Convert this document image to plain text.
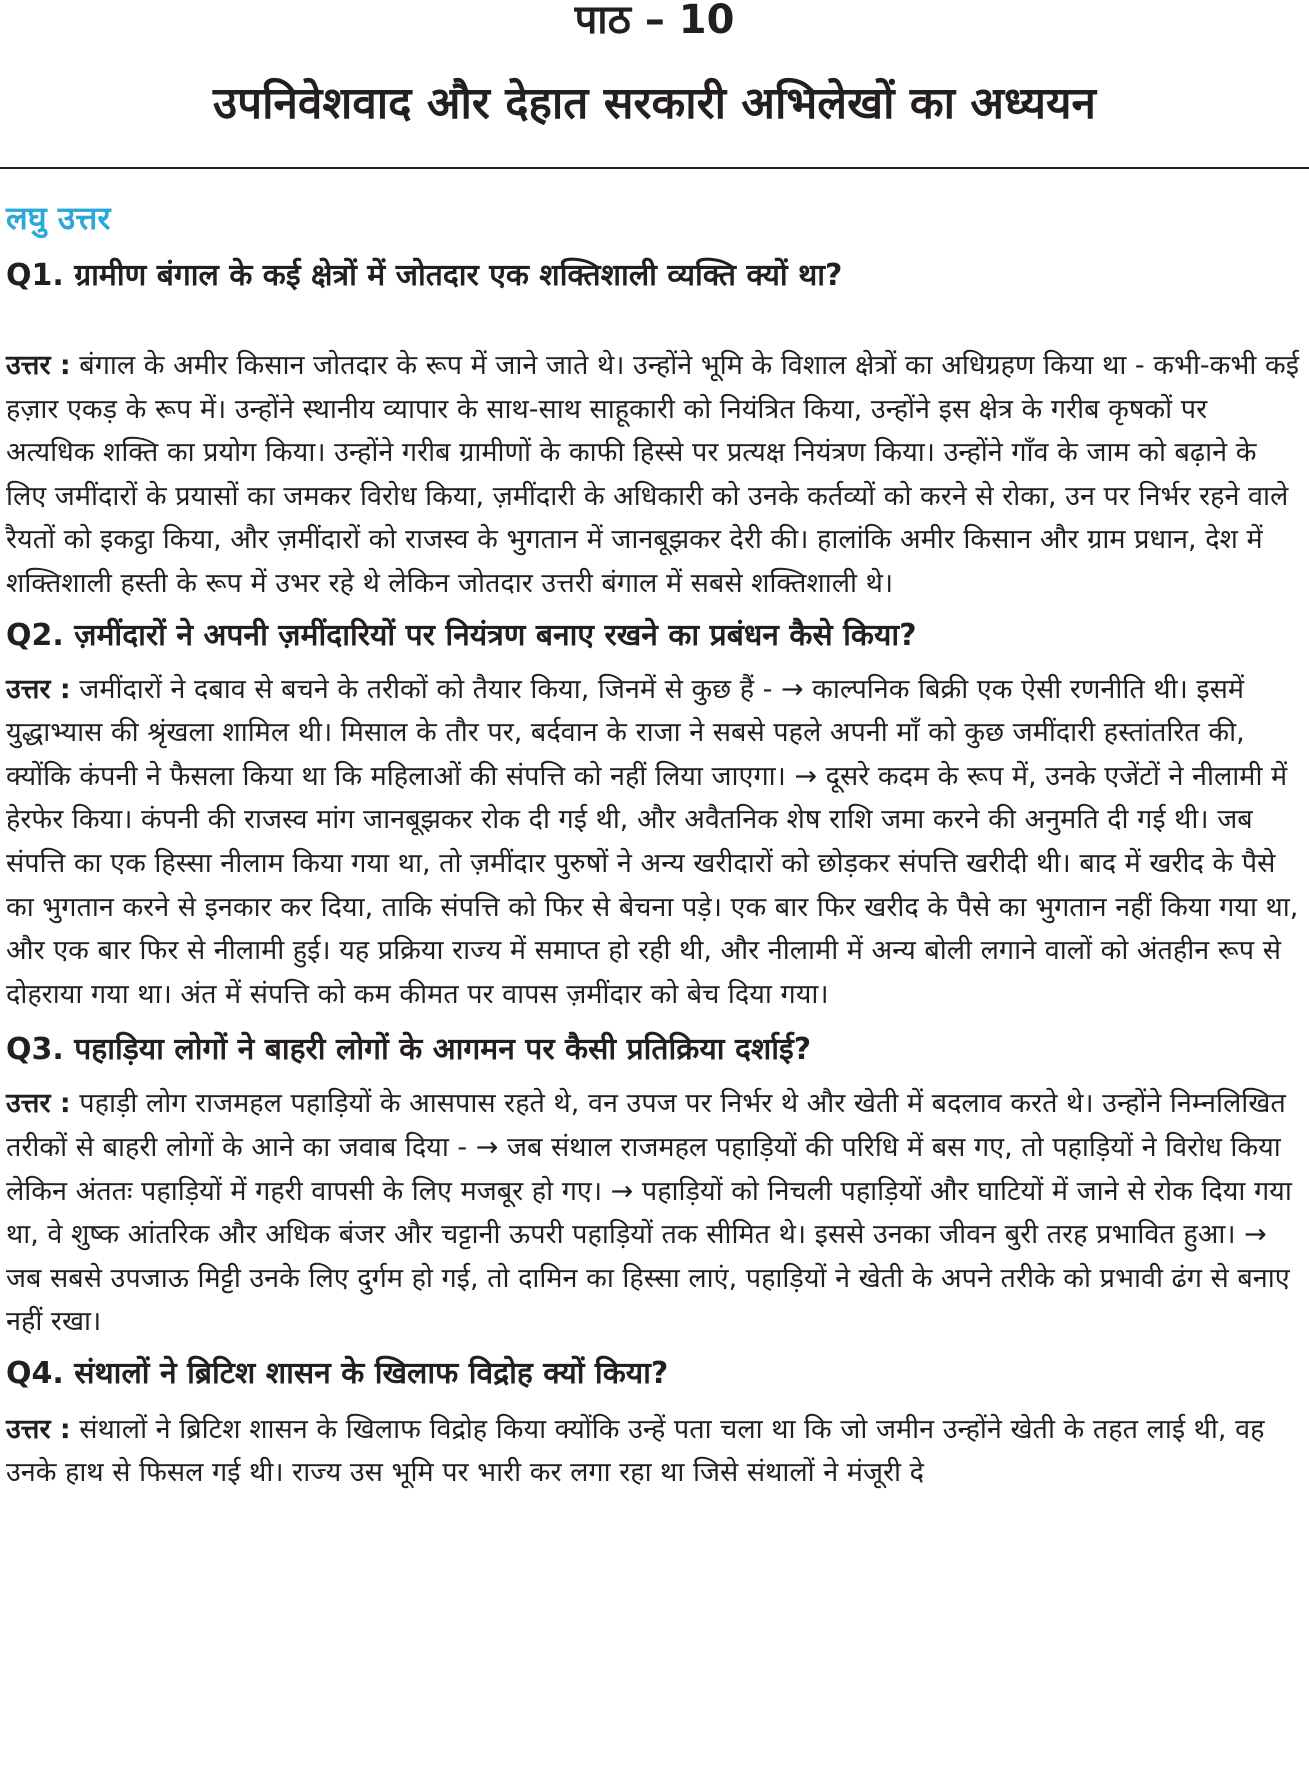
पाठ – 10
उपनिवेशवाद और देहात सरकारी अभिलेखों का अध्ययन
लघु उत्तर

Q1. ग्रामीण बंगाल के कई क्षेत्रों में जोतदार एक शक्तिशाली व्यक्ति क्यों था?

उत्तर : बंगाल के अमीर किसान जोतदार के रूप में जाने जाते थे। उन्होंने भूमि के विशाल क्षेत्रों का अधिग्रहण किया था - कभी-कभी कई हज़ार एकड़ के रूप में। उन्होंने स्थानीय व्यापार के साथ-साथ साहूकारी को नियंत्रित किया, उन्होंने इस क्षेत्र के गरीब कृषकों पर अत्यधिक शक्ति का प्रयोग किया। उन्होंने गरीब ग्रामीणों के काफी हिस्से पर प्रत्यक्ष नियंत्रण किया। उन्होंने गाँव के जाम को बढ़ाने के लिए जमींदारों के प्रयासों का जमकर विरोध किया, ज़मींदारी के अधिकारी को उनके कर्तव्यों को करने से रोका, उन पर निर्भर रहने वाले रैयतों को इकट्ठा किया, और ज़मींदारों को राजस्व के भुगतान में जानबूझकर देरी की। हालांकि अमीर किसान और ग्राम प्रधान, देश में शक्तिशाली हस्ती के रूप में उभर रहे थे लेकिन जोतदार उत्तरी बंगाल में सबसे शक्तिशाली थे।

Q2. ज़मींदारों ने अपनी ज़मींदारियों पर नियंत्रण बनाए रखने का प्रबंधन कैसे किया?

उत्तर : जमींदारों ने दबाव से बचने के तरीकों को तैयार किया, जिनमें से कुछ हैं - → काल्पनिक बिक्री एक ऐसी रणनीति थी। इसमें युद्धाभ्यास की श्रृंखला शामिल थी। मिसाल के तौर पर, बर्दवान के राजा ने सबसे पहले अपनी माँ को कुछ जमींदारी हस्तांतरित की, क्योंकि कंपनी ने फैसला किया था कि महिलाओं की संपत्ति को नहीं लिया जाएगा। → दूसरे कदम के रूप में, उनके एजेंटों ने नीलामी में हेरफेर किया। कंपनी की राजस्व मांग जानबूझकर रोक दी गई थी, और अवैतनिक शेष राशि जमा करने की अनुमति दी गई थी। जब संपत्ति का एक हिस्सा नीलाम किया गया था, तो ज़मींदार पुरुषों ने अन्य खरीदारों को छोड़कर संपत्ति खरीदी थी। बाद में खरीद के पैसे का भुगतान करने से इनकार कर दिया, ताकि संपत्ति को फिर से बेचना पड़े। एक बार फिर खरीद के पैसे का भुगतान नहीं किया गया था, और एक बार फिर से नीलामी हुई। यह प्रक्रिया राज्य में समाप्त हो रही थी, और नीलामी में अन्य बोली लगाने वालों को अंतहीन रूप से दोहराया गया था। अंत में संपत्ति को कम कीमत पर वापस ज़मींदार को बेच दिया गया।

Q3. पहाड़िया लोगों ने बाहरी लोगों के आगमन पर कैसी प्रतिक्रिया दर्शाई?

उत्तर : पहाड़ी लोग राजमहल पहाड़ियों के आसपास रहते थे, वन उपज पर निर्भर थे और खेती में बदलाव करते थे। उन्होंने निम्नलिखित तरीकों से बाहरी लोगों के आने का जवाब दिया - → जब संथाल राजमहल पहाड़ियों की परिधि में बस गए, तो पहाड़ियों ने विरोध किया लेकिन अंततः पहाड़ियों में गहरी वापसी के लिए मजबूर हो गए। → पहाड़ियों को निचली पहाड़ियों और घाटियों में जाने से रोक दिया गया था, वे शुष्क आंतरिक और अधिक बंजर और चट्टानी ऊपरी पहाड़ियों तक सीमित थे। इससे उनका जीवन बुरी तरह प्रभावित हुआ। → जब सबसे उपजाऊ मिट्टी उनके लिए दुर्गम हो गई, तो दामिन का हिस्सा लाएं, पहाड़ियों ने खेती के अपने तरीके को प्रभावी ढंग से बनाए नहीं रखा।

Q4. संथालों ने ब्रिटिश शासन के खिलाफ विद्रोह क्यों किया?

उत्तर : संथालों ने ब्रिटिश शासन के खिलाफ विद्रोह किया क्योंकि उन्हें पता चला था कि जो जमीन उन्होंने खेती के तहत लाई थी, वह उनके हाथ से फिसल गई थी। राज्य उस भूमि पर भारी कर लगा रहा था जिसे संथालों ने मंजूरी दे
